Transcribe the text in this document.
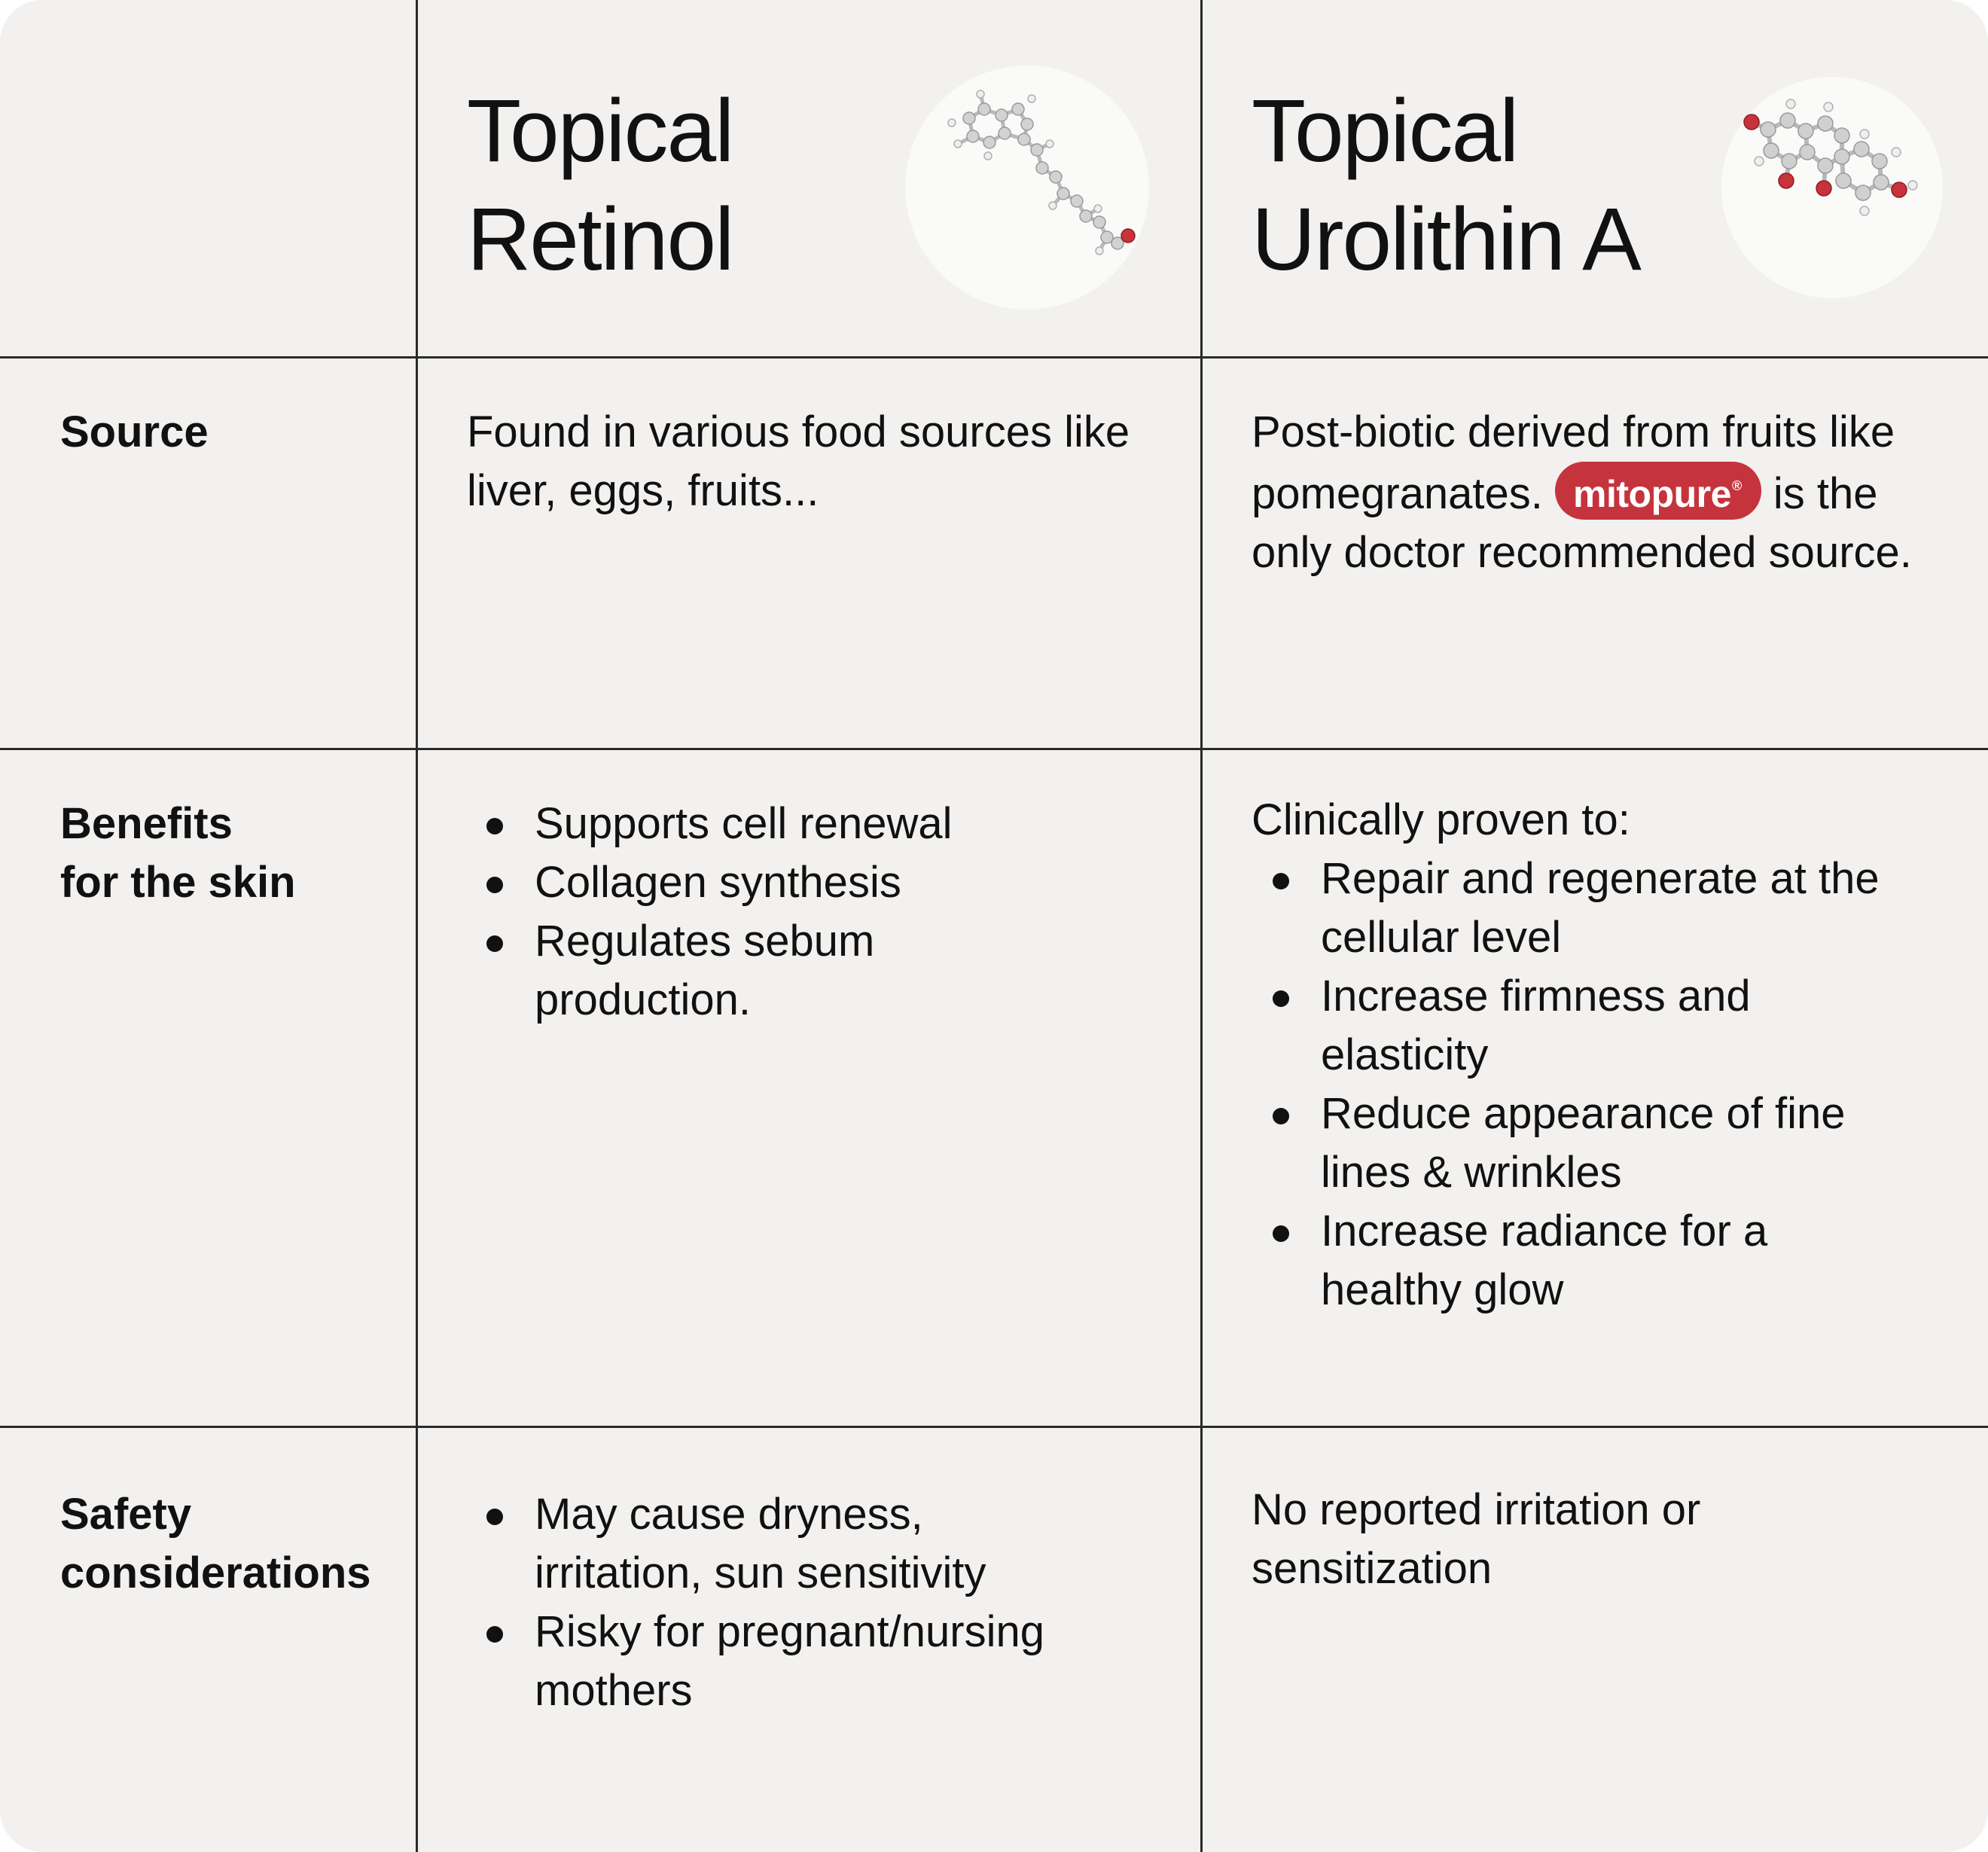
Topical
Retinol
Topical
Urolithin A

Source	Found in various food sources like liver, eggs, fruits...

Post-biotic derived from fruits like pomegranates. mitopure® is the only doctor recommended source.

Benefits
for the skin

Supports cell renewal
Collagen synthesis
Regulates sebum production.
Clinically proven to:
Repair and regenerate at the cellular level
Increase firmness and elasticity
Reduce appearance of fine lines & wrinkles
Increase radiance for a healthy glow

Safety
considerations

May cause dryness, irritation, sun sensitivity
Risky for pregnant/nursing mothers

No reported irritation or sensitization
